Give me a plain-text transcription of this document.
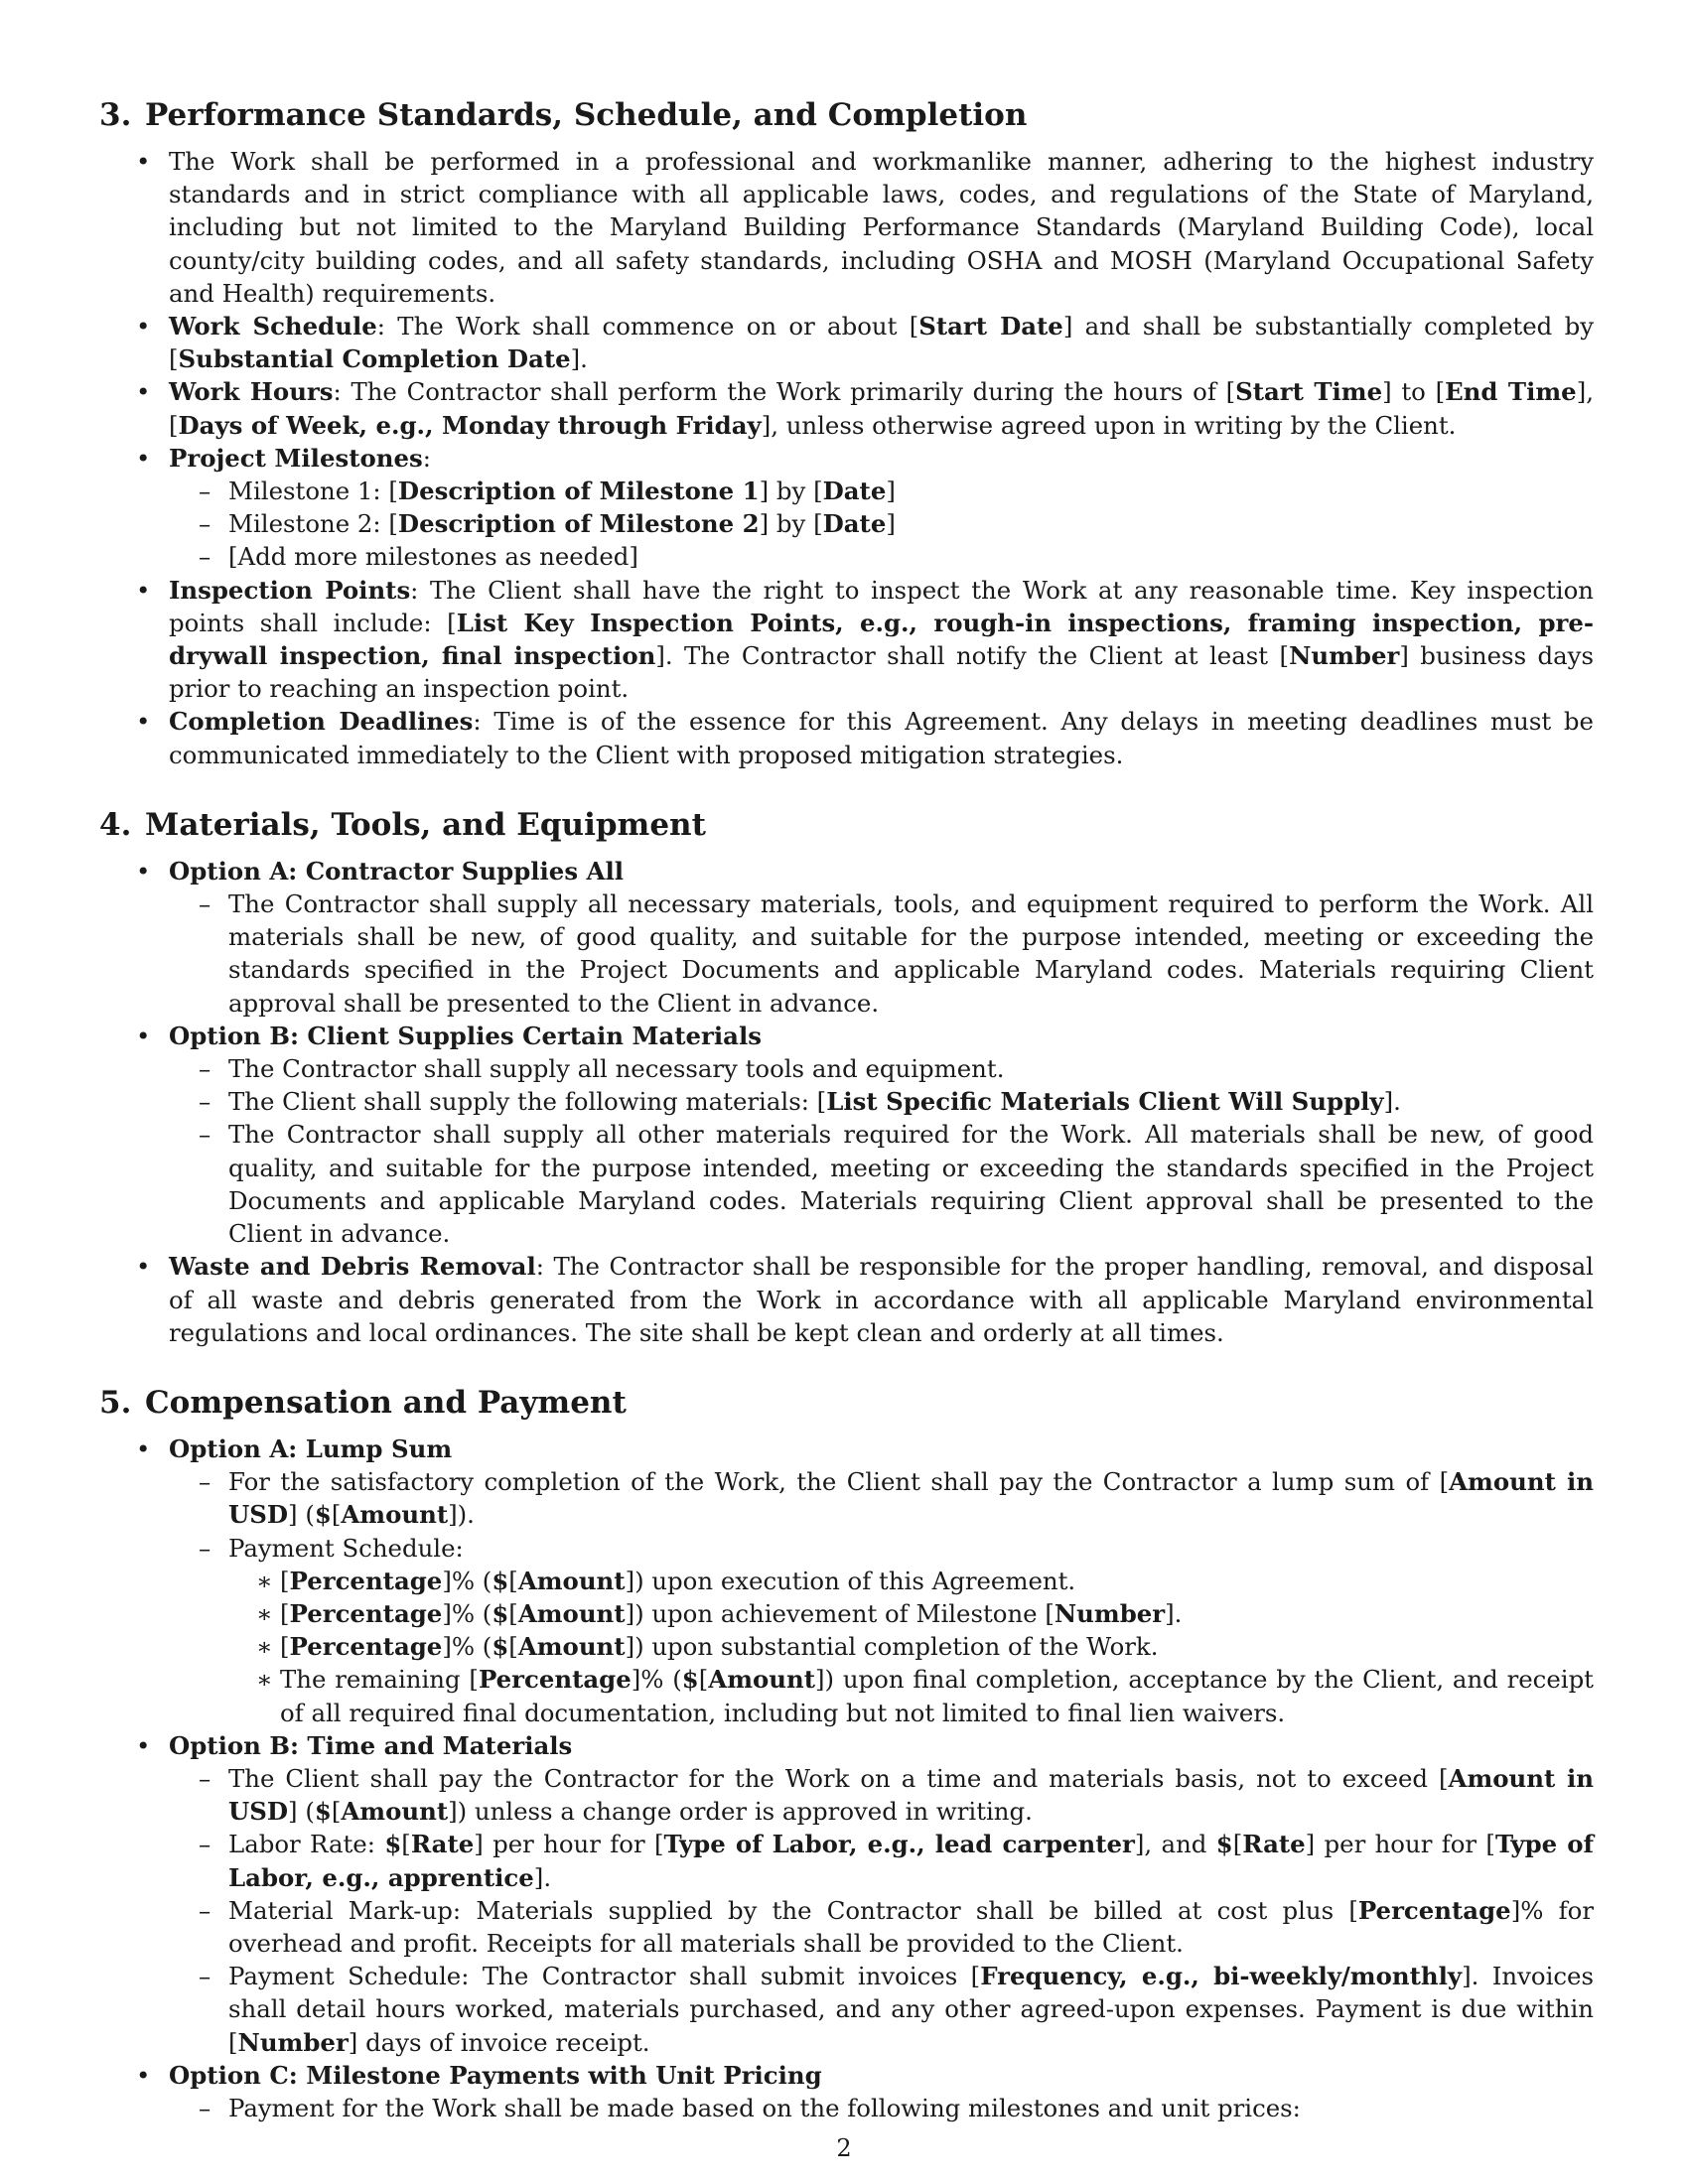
3. Performance Standards, Schedule, and Completion
• The Work shall be performed in a professional and workmanlike manner, adhering to the highest industry standards and in strict compliance with all applicable laws, codes, and regulations of the State of Maryland, including but not limited to the Maryland Building Performance Standards (Maryland Building Code), local county/city building codes, and all safety standards, including OSHA and MOSH (Maryland Occupational Safety and Health) requirements.
• Work Schedule: The Work shall commence on or about [Start Date] and shall be substantially completed by [Substantial Completion Date].
• Work Hours: The Contractor shall perform the Work primarily during the hours of [Start Time] to [End Time], [Days of Week, e.g., Monday through Friday], unless otherwise agreed upon in writing by the Client.
• Project Milestones:
– Milestone 1: [Description of Milestone 1] by [Date]
– Milestone 2: [Description of Milestone 2] by [Date]
– [Add more milestones as needed]
• Inspection Points: The Client shall have the right to inspect the Work at any reasonable time. Key inspection points shall include: [List Key Inspection Points, e.g., rough-in inspections, framing inspection, pre-drywall inspection, final inspection]. The Contractor shall notify the Client at least [Number] business days prior to reaching an inspection point.
• Completion Deadlines: Time is of the essence for this Agreement. Any delays in meeting deadlines must be communicated immediately to the Client with proposed mitigation strategies.
4. Materials, Tools, and Equipment
• Option A: Contractor Supplies All
– The Contractor shall supply all necessary materials, tools, and equipment required to perform the Work. All materials shall be new, of good quality, and suitable for the purpose intended, meeting or exceeding the standards specified in the Project Documents and applicable Maryland codes. Materials requiring Client approval shall be presented to the Client in advance.
• Option B: Client Supplies Certain Materials
– The Contractor shall supply all necessary tools and equipment.
– The Client shall supply the following materials: [List Specific Materials Client Will Supply].
– The Contractor shall supply all other materials required for the Work. All materials shall be new, of good quality, and suitable for the purpose intended, meeting or exceeding the standards specified in the Project Documents and applicable Maryland codes. Materials requiring Client approval shall be presented to the Client in advance.
• Waste and Debris Removal: The Contractor shall be responsible for the proper handling, removal, and disposal of all waste and debris generated from the Work in accordance with all applicable Maryland environmental regulations and local ordinances. The site shall be kept clean and orderly at all times.
5. Compensation and Payment
• Option A: Lump Sum
– For the satisfactory completion of the Work, the Client shall pay the Contractor a lump sum of [Amount in USD] ($[Amount]).
– Payment Schedule:
∗ [Percentage]% ($[Amount]) upon execution of this Agreement.
∗ [Percentage]% ($[Amount]) upon achievement of Milestone [Number].
∗ [Percentage]% ($[Amount]) upon substantial completion of the Work.
∗ The remaining [Percentage]% ($[Amount]) upon final completion, acceptance by the Client, and receipt of all required final documentation, including but not limited to final lien waivers.
• Option B: Time and Materials
– The Client shall pay the Contractor for the Work on a time and materials basis, not to exceed [Amount in USD] ($[Amount]) unless a change order is approved in writing.
– Labor Rate: $[Rate] per hour for [Type of Labor, e.g., lead carpenter], and $[Rate] per hour for [Type of Labor, e.g., apprentice].
– Material Mark-up: Materials supplied by the Contractor shall be billed at cost plus [Percentage]% for overhead and profit. Receipts for all materials shall be provided to the Client.
– Payment Schedule: The Contractor shall submit invoices [Frequency, e.g., bi-weekly/monthly]. Invoices shall detail hours worked, materials purchased, and any other agreed-upon expenses. Payment is due within [Number] days of invoice receipt.
• Option C: Milestone Payments with Unit Pricing
– Payment for the Work shall be made based on the following milestones and unit prices:
2
